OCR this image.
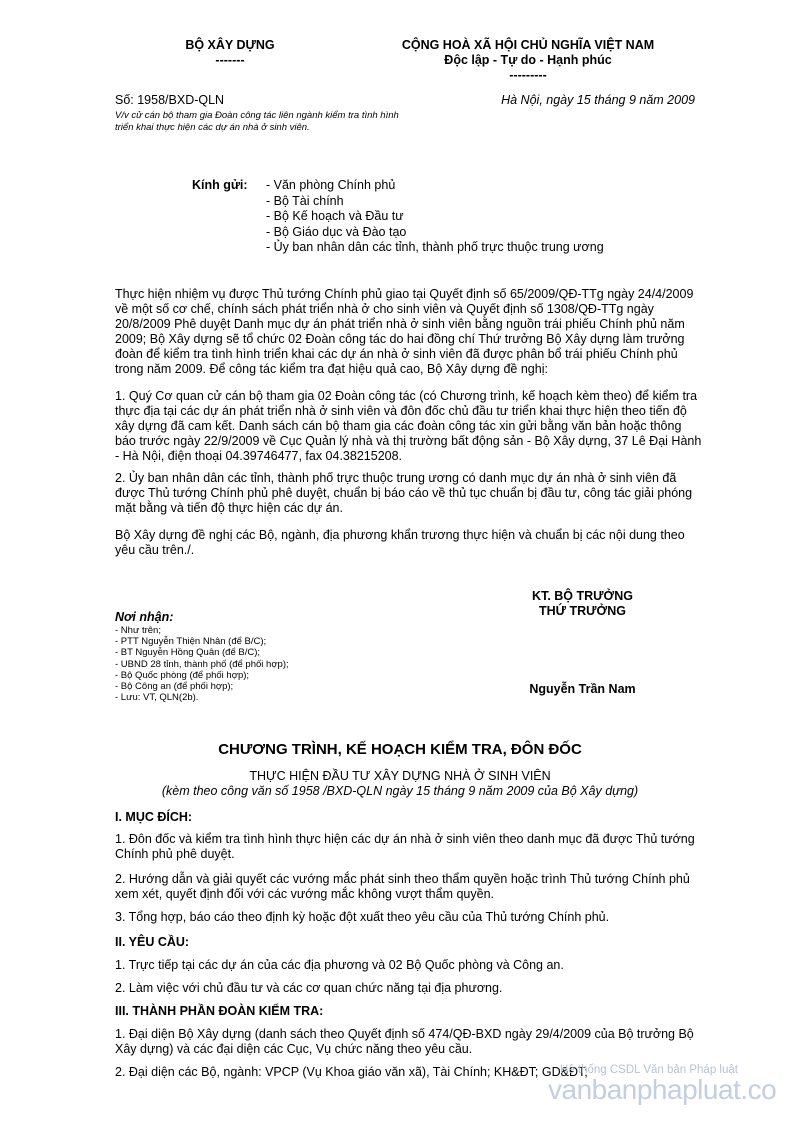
BỘ XÂY DỰNG
-------
CỘNG HOÀ XÃ HỘI CHỦ NGHĨA VIỆT NAM
Độc lập - Tự do - Hạnh phúc
---------
Số: 1958/BXD-QLN
V/v cử cán bộ tham gia Đoàn công tác liên ngành kiểm tra tình hình triển khai thực hiện các dự án nhà ở sinh viên.
Hà Nội, ngày 15 tháng 9 năm 2009
Kính gửi:	- Văn phòng Chính phủ
- Bộ Tài chính
- Bộ Kế hoạch và Đầu tư
- Bộ Giáo dục và Đào tạo
- Ủy ban nhân dân các tỉnh, thành phố trực thuộc trung ương

Thực hiện nhiệm vụ được Thủ tướng Chính phủ giao tại Quyết định số 65/2009/QĐ-TTg ngày 24/4/2009 về một số cơ chế, chính sách phát triển nhà ở cho sinh viên và Quyết định số 1308/QĐ-TTg ngày 20/8/2009 Phê duyệt Danh mục dự án phát triển nhà ở sinh viên bằng nguồn trái phiếu Chính phủ năm 2009; Bộ Xây dựng sẽ tổ chức 02 Đoàn công tác do hai đồng chí Thứ trưởng Bộ Xây dựng làm trưởng đoàn để kiểm tra tình hình triển khai các dự án nhà ở sinh viên đã được phân bổ trái phiếu Chính phủ trong năm 2009. Để công tác kiểm tra đạt hiệu quả cao, Bộ Xây dựng đề nghị:

1. Quý Cơ quan cử cán bộ tham gia 02 Đoàn công tác (có Chương trình, kế hoạch kèm theo) để kiểm tra thực địa tại các dự án phát triển nhà ở sinh viên và đôn đốc chủ đầu tư triển khai thực hiện theo tiến độ xây dựng đã cam kết. Danh sách cán bộ tham gia các đoàn công tác xin gửi bằng văn bản hoặc thông báo trước ngày 22/9/2009 về Cục Quản lý nhà và thị trường bất động sản - Bộ Xây dựng, 37 Lê Đại Hành - Hà Nội, điện thoại 04.39746477, fax 04.38215208.

2. Ủy ban nhân dân các tỉnh, thành phố trực thuộc trung ương có danh mục dự án nhà ở sinh viên đã được Thủ tướng Chính phủ phê duyệt, chuẩn bị báo cáo về thủ tục chuẩn bị đầu tư, công tác giải phóng mặt bằng và tiến độ thực hiện các dự án.

Bộ Xây dựng đề nghị các Bộ, ngành, địa phương khẩn trương thực hiện và chuẩn bị các nội dung theo yêu cầu trên./.

KT. BỘ TRƯỞNG
THỨ TRƯỞNG
Nguyễn Trần Nam
Nơi nhận:
- Như trên;
- PTT Nguyễn Thiện Nhân (để B/C);
- BT Nguyễn Hồng Quân (để B/C);
- UBND 28 tỉnh, thành phố (để phối hợp);
- Bộ Quốc phòng (để phối hợp);
- Bộ Công an (để phối hợp);
- Lưu: VT, QLN(2b).
CHƯƠNG TRÌNH, KẾ HOẠCH KIỂM TRA, ĐÔN ĐỐC
THỰC HIỆN ĐẦU TƯ XÂY DỰNG NHÀ Ở SINH VIÊN
(kèm theo công văn số 1958 /BXD-QLN ngày 15 tháng 9 năm 2009 của Bộ Xây dựng)
I. MỤC ĐÍCH:

1. Đôn đốc và kiểm tra tình hình thực hiện các dự án nhà ở sinh viên theo danh mục đã được Thủ tướng Chính phủ phê duyệt.

2. Hướng dẫn và giải quyết các vướng mắc phát sinh theo thẩm quyền hoặc trình Thủ tướng Chính phủ xem xét, quyết định đối với các vướng mắc không vượt thẩm quyền.

3. Tổng hợp, báo cáo theo định kỳ hoặc đột xuất theo yêu cầu của Thủ tướng Chính phủ.

II. YÊU CẦU:

1. Trực tiếp tại các dự án của các địa phương và 02 Bộ Quốc phòng và Công an.

2. Làm việc với chủ đầu tư và các cơ quan chức năng tại địa phương.

III. THÀNH PHẦN ĐOÀN KIỂM TRA:

1. Đại diện Bộ Xây dựng (danh sách theo Quyết định số 474/QĐ-BXD ngày 29/4/2009 của Bộ trưởng Bộ Xây dựng) và các đại diện các Cục, Vụ chức năng theo yêu cầu.

2. Đại diện các Bộ, ngành: VPCP (Vụ Khoa giáo văn xã), Tài Chính; KH&ĐT; GD&ĐT;

Hệ thống CSDL Văn bản Pháp luật
vanbanphapluat.co
